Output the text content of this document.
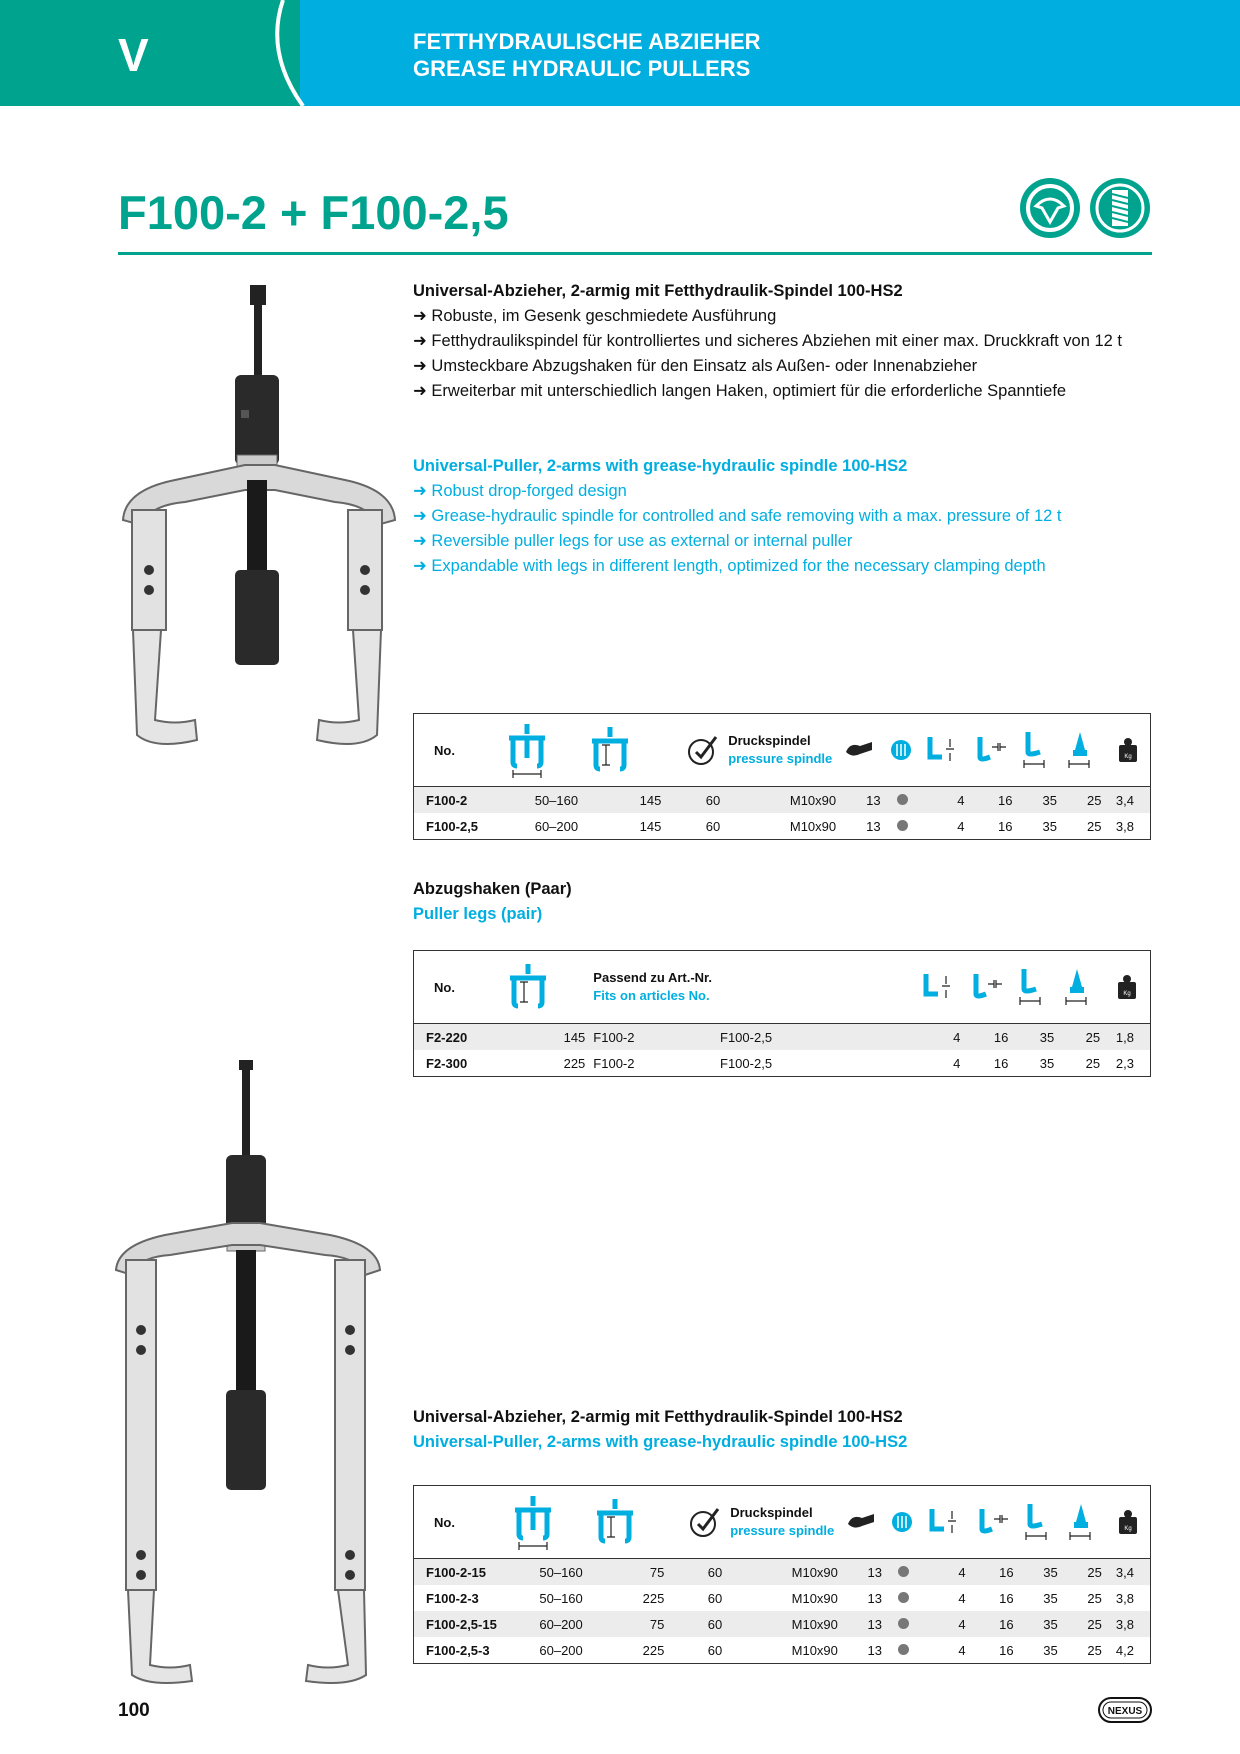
V	FETTHYDRAULISCHE ABZIEHER
GREASE HYDRAULIC PULLERS
F100-2 + F100-2,5
Universal-Abzieher, 2-armig mit Fetthydraulik-Spindel 100-HS2
➜ Robuste, im Gesenk geschmiedete Ausführung
➜ Fetthydraulikspindel für kontrolliertes und sicheres Abziehen mit einer max. Druckkraft von 12 t
➜ Umsteckbare Abzugshaken für den Einsatz als Außen- oder Innenabzieher
➜ Erweiterbar mit unterschiedlich langen Haken, optimiert für die erforderliche Spanntiefe
Universal-Puller, 2-arms with grease-hydraulic spindle 100-HS2
➜ Robust drop-forged design
➜ Grease-hydraulic spindle for controlled and safe removing with a max. pressure of 12 t
➜ Reversible puller legs for use as external or internal puller
➜ Expandable with legs in different length, optimized for the necessary clamping depth
No.				Druckspindel
pressure spindle							Kg

F100-2	50–160	145	60	M10x90	13		4	16	35	25	3,4
F100-2,5	60–200	145	60	M10x90	13		4	16	35	25	3,8
Abzugshaken (Paar)
Puller legs (pair)
No.		Passend zu Art.-Nr.
Fits on articles No.						Kg

F2-220	145	F100-2	F100-2,5	4	16	35	25	1,8
F2-300	225	F100-2	F100-2,5	4	16	35	25	2,3
Universal-Abzieher, 2-armig mit Fetthydraulik-Spindel 100-HS2
Universal-Puller, 2-arms with grease-hydraulic spindle 100-HS2
No.				Druckspindel
pressure spindle							Kg

F100-2-15	50–160	75	60	M10x90	13		4	16	35	25	3,4
F100-2-3	50–160	225	60	M10x90	13		4	16	35	25	3,8
F100-2,5-15	60–200	75	60	M10x90	13		4	16	35	25	3,8
F100-2,5-3	60–200	225	60	M10x90	13		4	16	35	25	4,2
100	NEXUS
